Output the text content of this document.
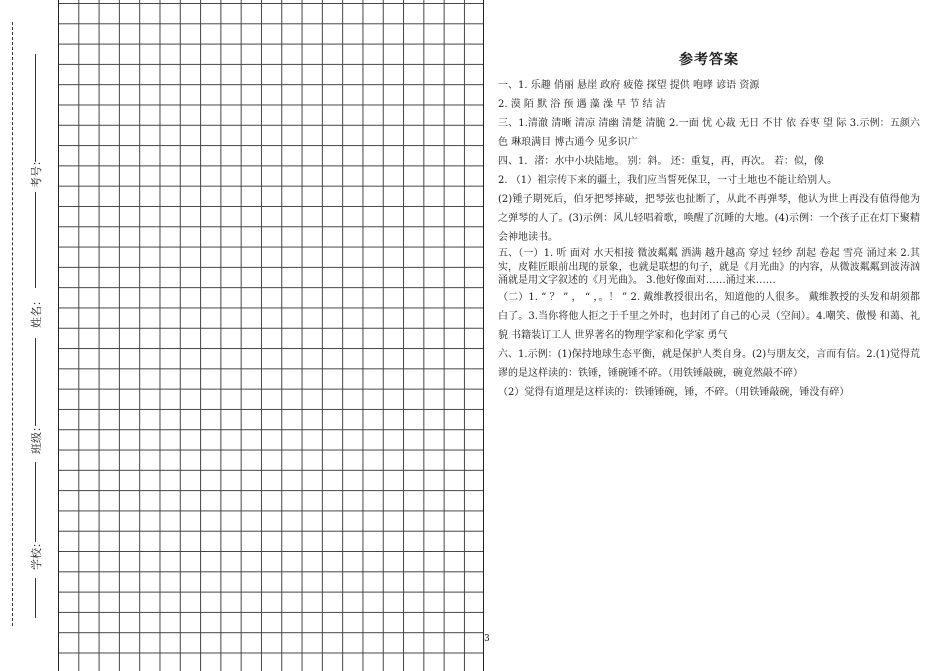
考号：
姓名：
班级：
学校：
3
参考答案

一、1. 乐趣 俏丽 悬崖 政府 疲倦 探望 提供 咆哮 谚语 资源

2. 漠 陌 默 浴 预 遇 藻 澡 早 节 结 洁

三、1.清澈 清晰 清凉 清幽 清楚 清脆 2.一面 忧 心裁 无日 不甘 依 吞枣 望 际 3.示例：五颜六色 琳琅满目 博古通今 见多识广

四、1．渚：水中小块陆地。 别：斜。 还：重复，再，再次。 若：似，像

2. （1）祖宗传下来的疆土，我们应当誓死保卫，一寸土地也不能让给别人。

(2)锺子期死后，伯牙把琴摔破，把琴弦也扯断了，从此不再弹琴，他认为世上再没有值得他为之弹琴的人了。(3)示例：风儿轻唱着歌，唤醒了沉睡的大地。(4)示例：一个孩子正在灯下聚精会神地读书。

五、（一）1. 听 面对 水天相接 微波粼粼 洒满 越升越高 穿过 轻纱 刮起 卷起 雪亮 涌过来 2.其实，皮鞋匠眼前出现的景象，也就是联想的句子，就是《月光曲》的内容，从微波粼粼到波涛汹涌就是用文字叙述的《月光曲》。 3.他好像面对……涌过来……

（二）1. “ ？ ” ， “ ，。！ ” 2. 戴维教授很出名，知道他的人很多。 戴维教授的头发和胡须都白了。3.当你将他人拒之于千里之外时，也封闭了自己的心灵（空间）。4.嘲笑、傲慢 和蔼、礼貌 书籍装订工人 世界著名的物理学家和化学家 勇气

六、1.示例：(1)保持地球生态平衡，就是保护人类自身。(2)与朋友交，言而有信。2.(1)觉得荒谬的是这样读的：铁锤，锤碗锤不碎。（用铁锤敲碗，碗竟然敲不碎）

（2）觉得有道理是这样读的：铁锤锤碗，锤，不碎。（用铁锤敲碗，锤没有碎）
